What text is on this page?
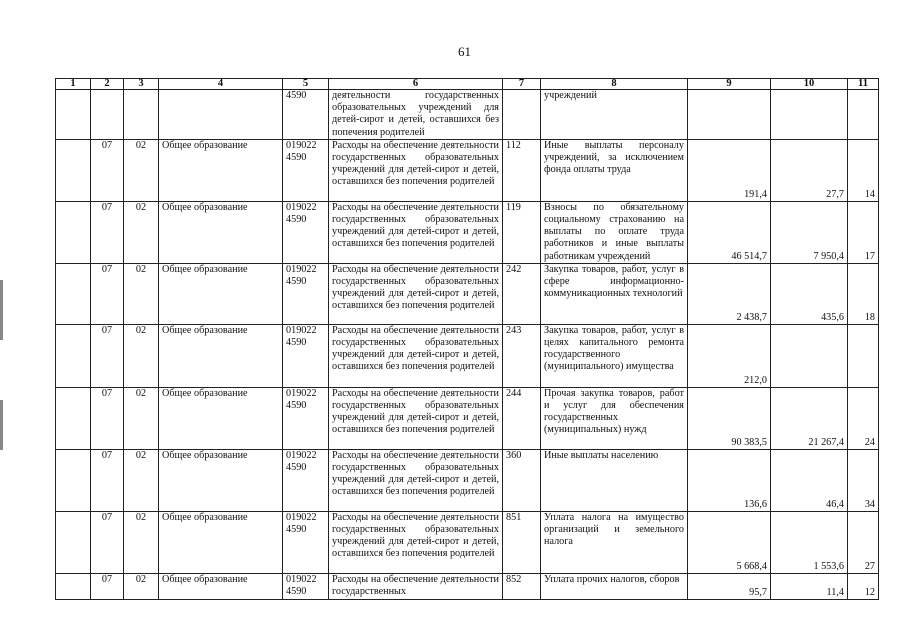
61
1	2	3	4	5	6	7	8	9	10	11
				4590	деятельности государственных образовательных учреждений для детей-сирот и детей, оставшихся без попечения родителей		учреждений			
	07	02	Общее образование	019022 4590	Расходы на обеспечение деятельности государственных образовательных учреждений для детей-сирот и детей, оставшихся без попечения родителей	112	Иные выплаты персоналу учреждений, за исключением фонда оплаты труда	191,4	27,7	14
	07	02	Общее образование	019022 4590	Расходы на обеспечение деятельности государственных образовательных учреждений для детей-сирот и детей, оставшихся без попечения родителей	119	Взносы по обязательному социальному страхованию на выплаты по оплате труда работников и иные выплаты работникам учреждений	46 514,7	7 950,4	17
	07	02	Общее образование	019022 4590	Расходы на обеспечение деятельности государственных образовательных учреждений для детей-сирот и детей, оставшихся без попечения родителей	242	Закупка товаров, работ, услуг в сфере информационно-коммуникационных технологий	2 438,7	435,6	18
	07	02	Общее образование	019022 4590	Расходы на обеспечение деятельности государственных образовательных учреждений для детей-сирот и детей, оставшихся без попечения родителей	243	Закупка товаров, работ, услуг в целях капитального ремонта государственного (муниципального) имущества	212,0		
	07	02	Общее образование	019022 4590	Расходы на обеспечение деятельности государственных образовательных учреждений для детей-сирот и детей, оставшихся без попечения родителей	244	Прочая закупка товаров, работ и услуг для обеспечения государственных (муниципальных) нужд	90 383,5	21 267,4	24
	07	02	Общее образование	019022 4590	Расходы на обеспечение деятельности государственных образовательных учреждений для детей-сирот и детей, оставшихся без попечения родителей	360	Иные выплаты населению	136,6	46,4	34
	07	02	Общее образование	019022 4590	Расходы на обеспечение деятельности государственных образовательных учреждений для детей-сирот и детей, оставшихся без попечения родителей	851	Уплата налога на имущество организаций и земельного налога	5 668,4	1 553,6	27
	07	02	Общее образование	019022 4590	Расходы на обеспечение деятельности государственных	852	Уплата прочих налогов, сборов	95,7	11,4	12
